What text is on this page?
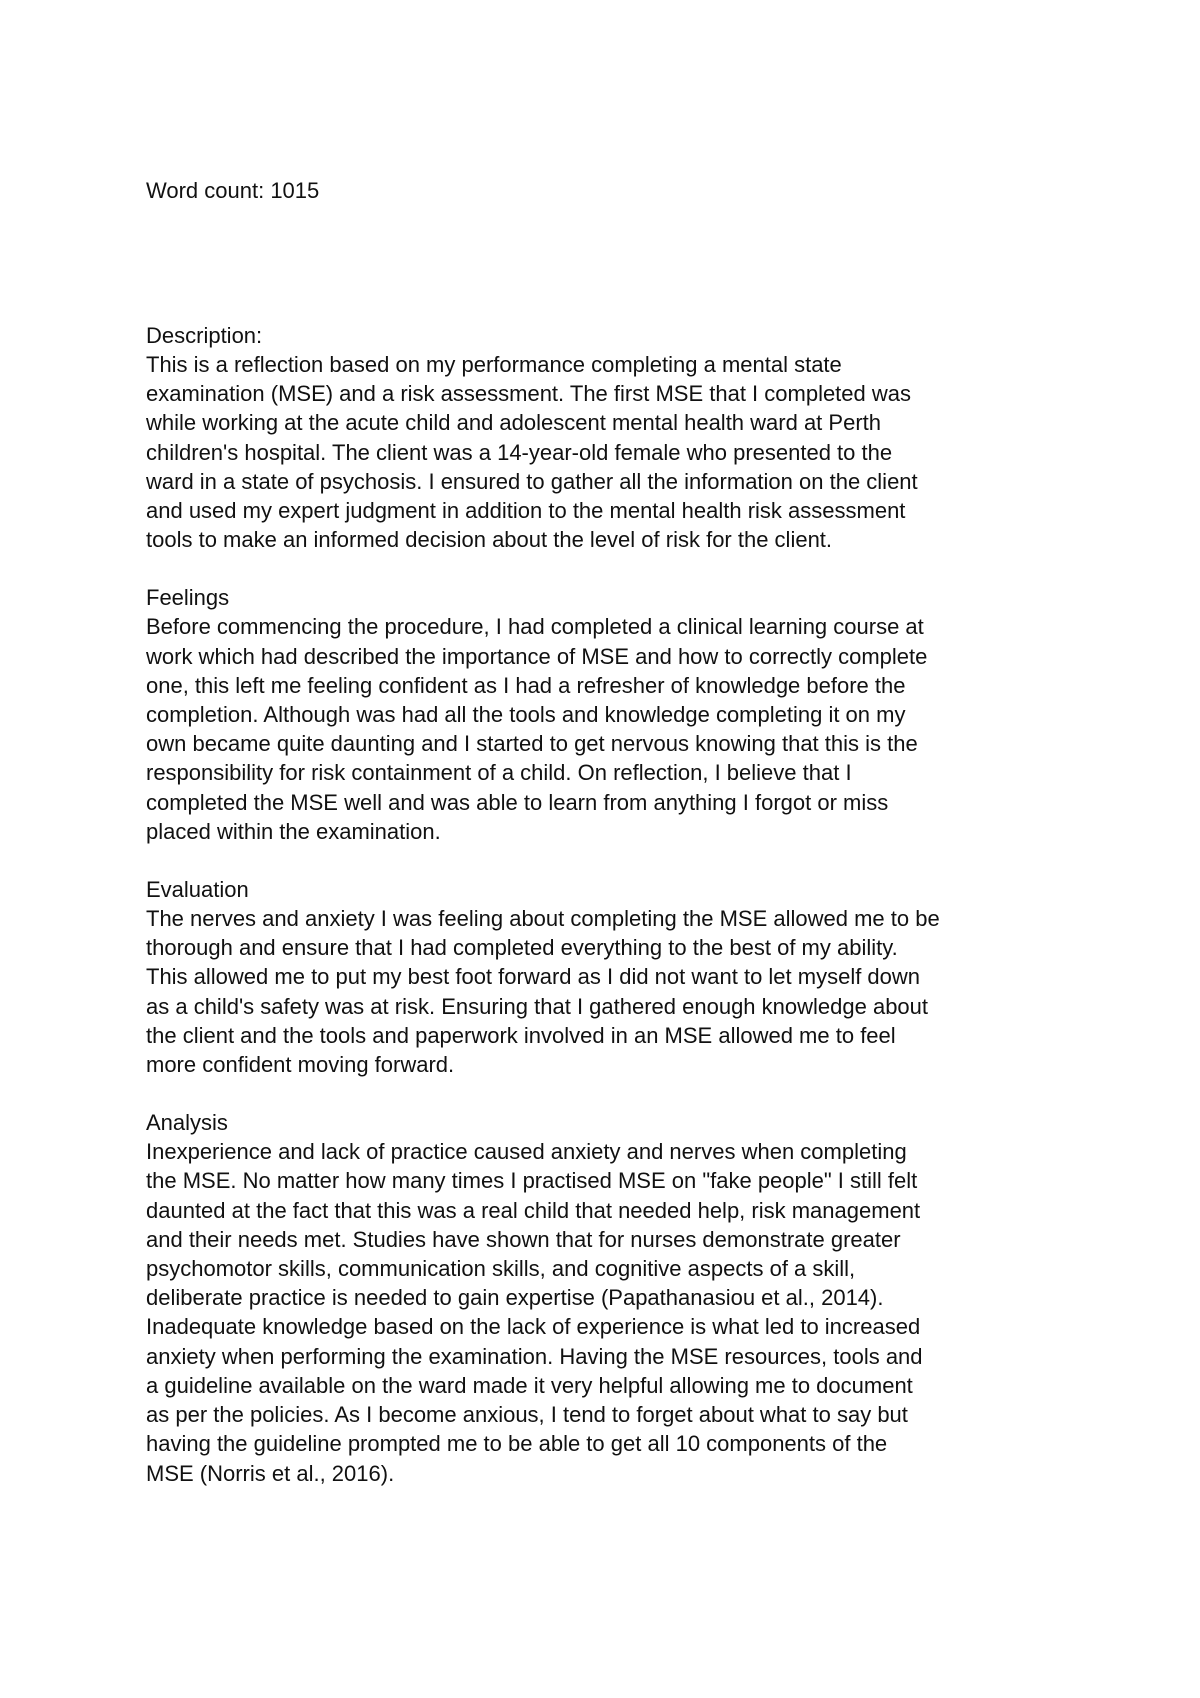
Word count: 1015

Description:

This is a reflection based on my performance completing a mental state
examination (MSE) and a risk assessment. The first MSE that I completed was
while working at the acute child and adolescent mental health ward at Perth
children's hospital. The client was a 14-year-old female who presented to the
ward in a state of psychosis. I ensured to gather all the information on the client
and used my expert judgment in addition to the mental health risk assessment
tools to make an informed decision about the level of risk for the client.

Feelings

Before commencing the procedure, I had completed a clinical learning course at
work which had described the importance of MSE and how to correctly complete
one, this left me feeling confident as I had a refresher of knowledge before the
completion. Although was had all the tools and knowledge completing it on my
own became quite daunting and I started to get nervous knowing that this is the
responsibility for risk containment of a child. On reflection, I believe that I
completed the MSE well and was able to learn from anything I forgot or miss
placed within the examination.

Evaluation

The nerves and anxiety I was feeling about completing the MSE allowed me to be
thorough and ensure that I had completed everything to the best of my ability.
This allowed me to put my best foot forward as I did not want to let myself down
as a child's safety was at risk. Ensuring that I gathered enough knowledge about
the client and the tools and paperwork involved in an MSE allowed me to feel
more confident moving forward.

Analysis

Inexperience and lack of practice caused anxiety and nerves when completing
the MSE. No matter how many times I practised MSE on "fake people" I still felt
daunted at the fact that this was a real child that needed help, risk management
and their needs met. Studies have shown that for nurses demonstrate greater
psychomotor skills, communication skills, and cognitive aspects of a skill,
deliberate practice is needed to gain expertise (Papathanasiou et al., 2014).
Inadequate knowledge based on the lack of experience is what led to increased
anxiety when performing the examination. Having the MSE resources, tools and
a guideline available on the ward made it very helpful allowing me to document
as per the policies. As I become anxious, I tend to forget about what to say but
having the guideline prompted me to be able to get all 10 components of the
MSE (Norris et al., 2016).
